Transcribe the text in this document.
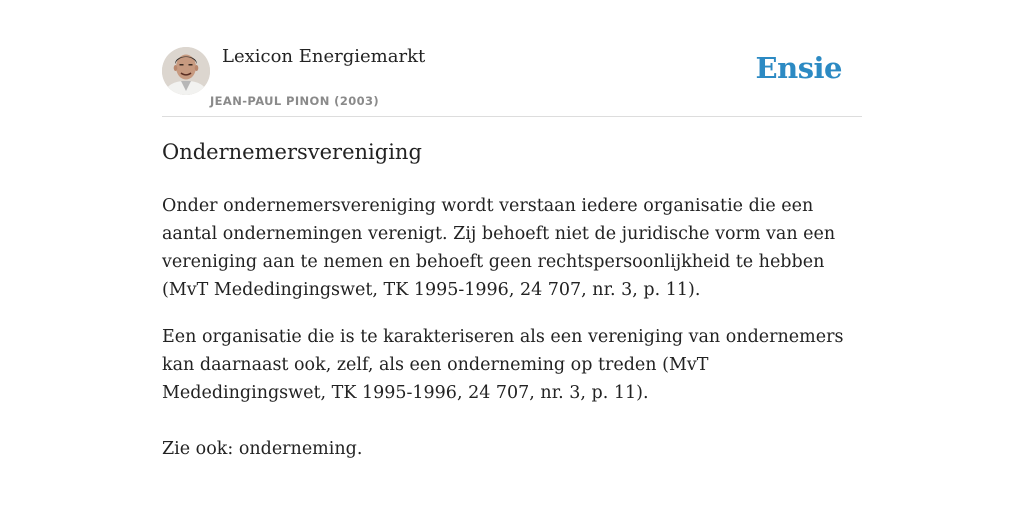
Lexicon Energiemarkt
JEAN-PAUL PINON (2003)
Ensie
Ondernemersvereniging

Onder ondernemersvereniging wordt verstaan iedere organisatie die een aantal ondernemingen verenigt. Zij behoeft niet de juridische vorm van een vereniging aan te nemen en behoeft geen rechtspersoonlijkheid te hebben (MvT Mededingingswet, TK 1995-1996, 24 707, nr. 3, p. 11).

Een organisatie die is te karakteriseren als een vereniging van ondernemers kan daarnaast ook, zelf, als een onderneming op treden (MvT Mededingingswet, TK 1995-1996, 24 707, nr. 3, p. 11).

Zie ook: onderneming.
